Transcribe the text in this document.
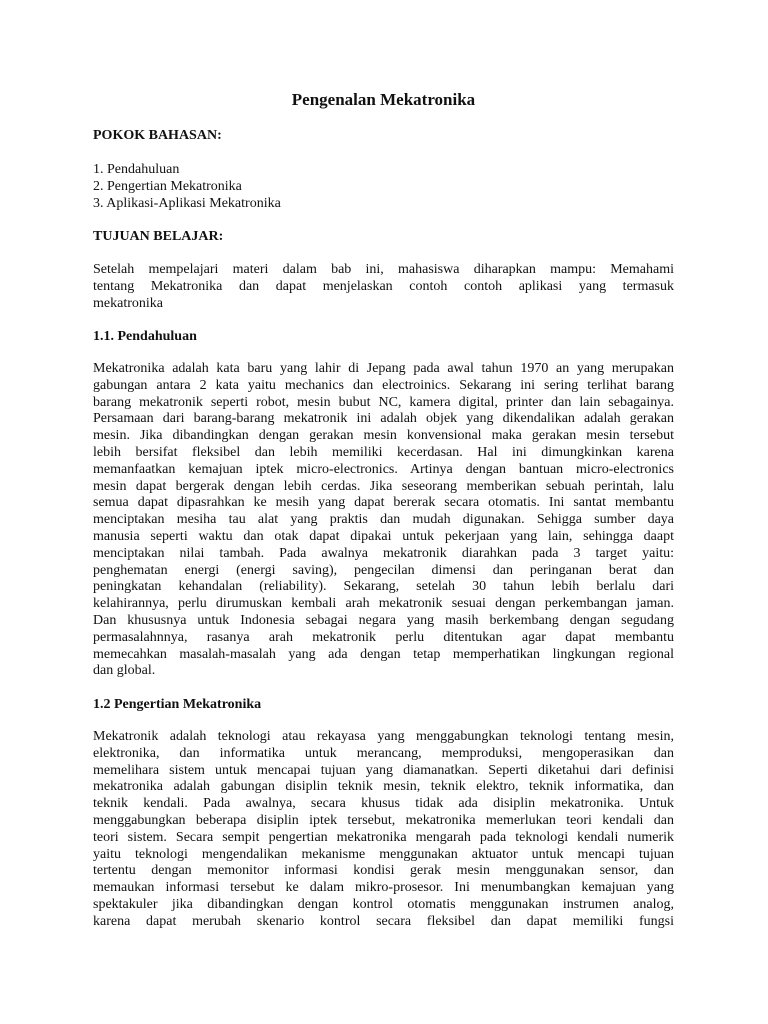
Pengenalan Mekatronika
POKOK BAHASAN:
1. Pendahuluan
2. Pengertian Mekatronika
3. Aplikasi-Aplikasi Mekatronika
TUJUAN BELAJAR:

Setelah mempelajari materi dalam bab ini, mahasiswa diharapkan mampu: Memahami
tentang Mekatronika dan dapat menjelaskan contoh contoh aplikasi yang termasuk
mekatronika

1.1. Pendahuluan

Mekatronika adalah kata baru yang lahir di Jepang pada awal tahun 1970 an yang merupakan
gabungan antara 2 kata yaitu mechanics dan electroinics. Sekarang ini sering terlihat barang
barang mekatronik seperti robot, mesin bubut NC, kamera digital, printer dan lain sebagainya.
Persamaan dari barang-barang mekatronik ini adalah objek yang dikendalikan adalah gerakan
mesin. Jika dibandingkan dengan gerakan mesin konvensional maka gerakan mesin tersebut
lebih bersifat fleksibel dan lebih memiliki kecerdasan. Hal ini dimungkinkan karena
memanfaatkan kemajuan iptek micro-electronics. Artinya dengan bantuan micro-electronics
mesin dapat bergerak dengan lebih cerdas. Jika seseorang memberikan sebuah perintah, lalu
semua dapat dipasrahkan ke mesih yang dapat bererak secara otomatis. Ini santat membantu
menciptakan mesiha tau alat yang praktis dan mudah digunakan. Sehigga sumber daya
manusia seperti waktu dan otak dapat dipakai untuk pekerjaan yang lain, sehingga daapt
menciptakan nilai tambah. Pada awalnya mekatronik diarahkan pada 3 target yaitu:
penghematan energi (energi saving), pengecilan dimensi dan peringanan berat dan
peningkatan kehandalan (reliability). Sekarang, setelah 30 tahun lebih berlalu dari
kelahirannya, perlu dirumuskan kembali arah mekatronik sesuai dengan perkembangan jaman.
Dan khususnya untuk Indonesia sebagai negara yang masih berkembang dengan segudang
permasalahnnya, rasanya arah mekatronik perlu ditentukan agar dapat membantu
memecahkan masalah-masalah yang ada dengan tetap memperhatikan lingkungan regional
dan global.

1.2 Pengertian Mekatronika

Mekatronik adalah teknologi atau rekayasa yang menggabungkan teknologi tentang mesin,
elektronika, dan informatika untuk merancang, memproduksi, mengoperasikan dan
memelihara sistem untuk mencapai tujuan yang diamanatkan. Seperti diketahui dari definisi
mekatronika adalah gabungan disiplin teknik mesin, teknik elektro, teknik informatika, dan
teknik kendali. Pada awalnya, secara khusus tidak ada disiplin mekatronika. Untuk
menggabungkan beberapa disiplin iptek tersebut, mekatronika memerlukan teori kendali dan
teori sistem. Secara sempit pengertian mekatronika mengarah pada teknologi kendali numerik
yaitu teknologi mengendalikan mekanisme menggunakan aktuator untuk mencapi tujuan
tertentu dengan memonitor informasi kondisi gerak mesin menggunakan sensor, dan
memaukan informasi tersebut ke dalam mikro-prosesor. Ini menumbangkan kemajuan yang
spektakuler jika dibandingkan dengan kontrol otomatis menggunakan instrumen analog,
karena dapat merubah skenario kontrol secara fleksibel dan dapat memiliki fungsi
